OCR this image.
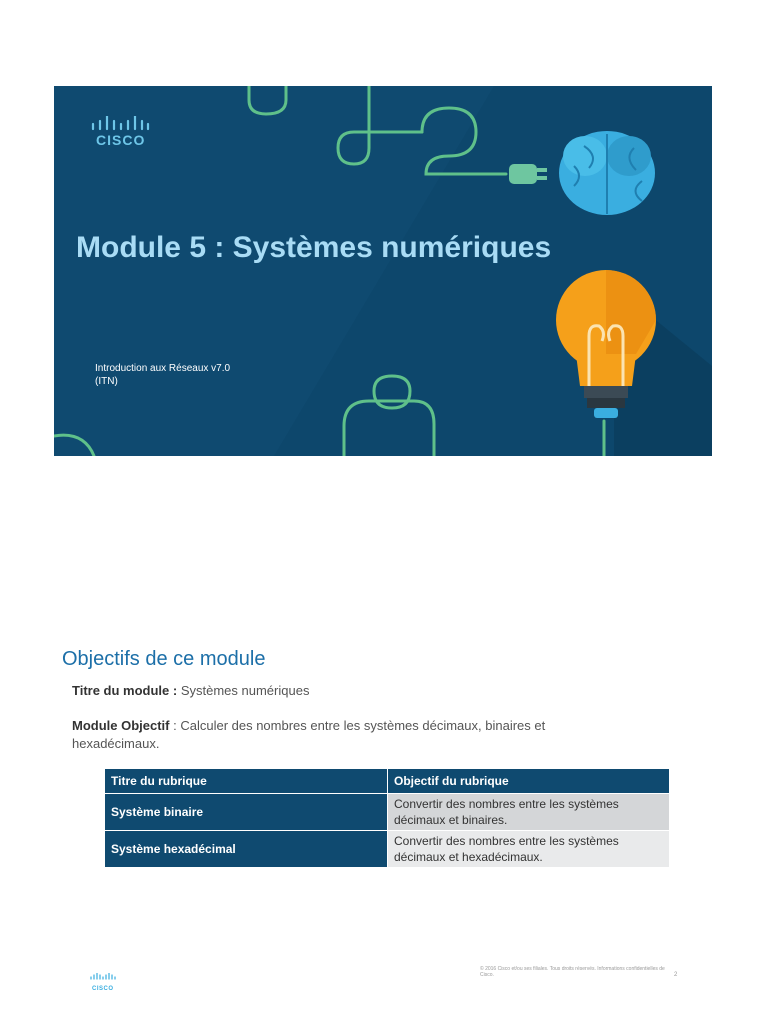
CISCO
Module 5 : Systèmes numériques
Introduction aux Réseaux v7.0
(ITN)
Objectifs de ce module
Titre du module : Systèmes numériques
Module Objectif : Calculer des nombres entre les systèmes décimaux, binaires et hexadécimaux.
Titre du rubrique	Objectif du rubrique
Système binaire	Convertir des nombres entre les systèmes décimaux et binaires.
Système hexadécimal	Convertir des nombres entre les systèmes décimaux et hexadécimaux.
CISCO
© 2016 Cisco et/ou ses filiales. Tous droits réservés. Informations confidentielles de Cisco.	2
